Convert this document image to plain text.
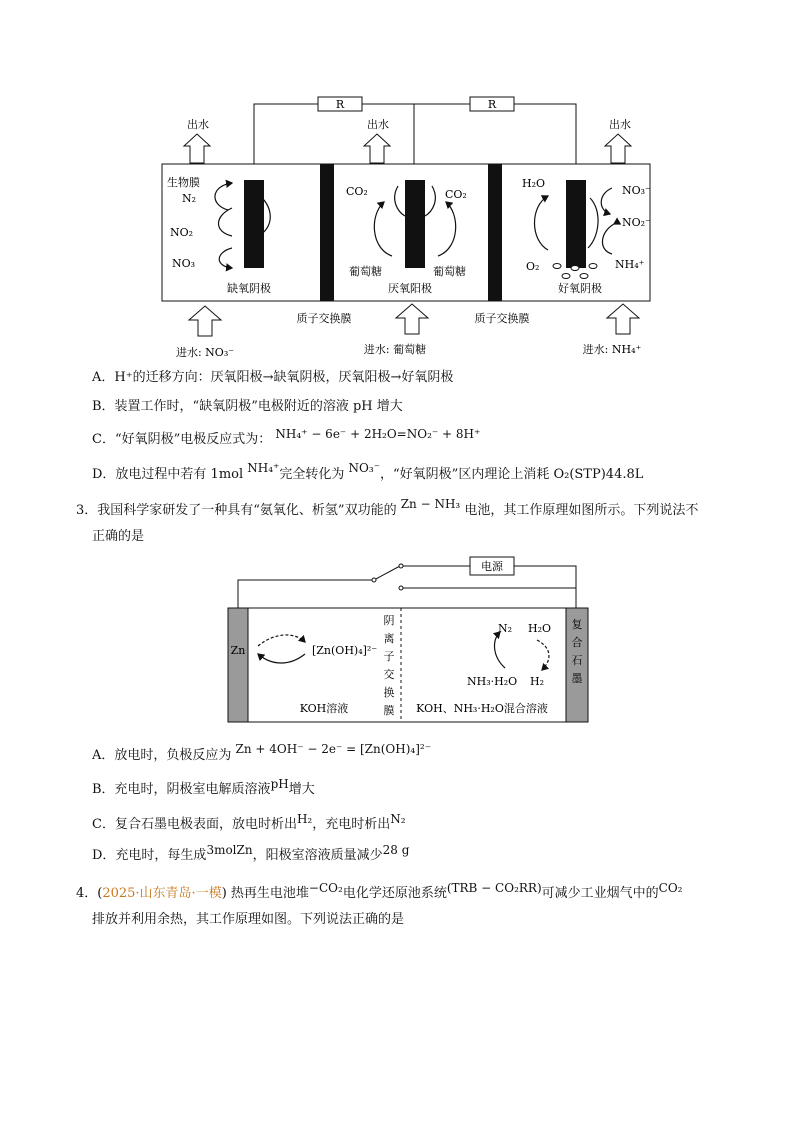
R	R
出水	出水	出水
生物膜
N₂
NO₂
NO₃
缺氧阴极
CO₂	CO₂
葡萄糖	葡萄糖
厌氧阳极
H₂O
O₂
NO₃⁻
NO₂⁻
NH₄⁺
好氧阴极
质子交换膜	质子交换膜
进水: NO₃⁻	进水: 葡萄糖	进水: NH₄⁺
A．H⁺的迁移方向：厌氧阳极→缺氧阴极，厌氧阳极→好氧阴极
B．装置工作时，“缺氧阴极”电极附近的溶液 pH 增大
C．“好氧阴极”电极反应式为： NH₄⁺ − 6e⁻ + 2H₂O=NO₂⁻ + 8H⁺
D．放电过程中若有 1mol NH₄⁺完全转化为 NO₃⁻，“好氧阴极”区内理论上消耗 O₂(STP)44.8L
3．我国科学家研发了一种具有“氨氧化、析氢”双功能的 Zn − NH₃ 电池，其工作原理如图所示。下列说法不
正确的是
电源
Zn	[Zn(OH)₄]²⁻
N₂ H₂O
NH₃·H₂O H₂
KOH溶液	KOH、NH₃·H₂O混合溶液
阴
离
子
交
换
膜
复
合
石
墨
A．放电时，负极反应为 Zn + 4OH⁻ − 2e⁻ = [Zn(OH)₄]²⁻
B．充电时，阴极室电解质溶液pH增大
C．复合石墨电极表面，放电时析出H₂，充电时析出N₂
D．充电时，每生成3molZn，阳极室溶液质量减少28 g
4．(2025·山东青岛·一模) 热再生电池堆−CO₂电化学还原池系统(TRB − CO₂RR)可减少工业烟气中的CO₂
排放并利用余热，其工作原理如图。下列说法正确的是
